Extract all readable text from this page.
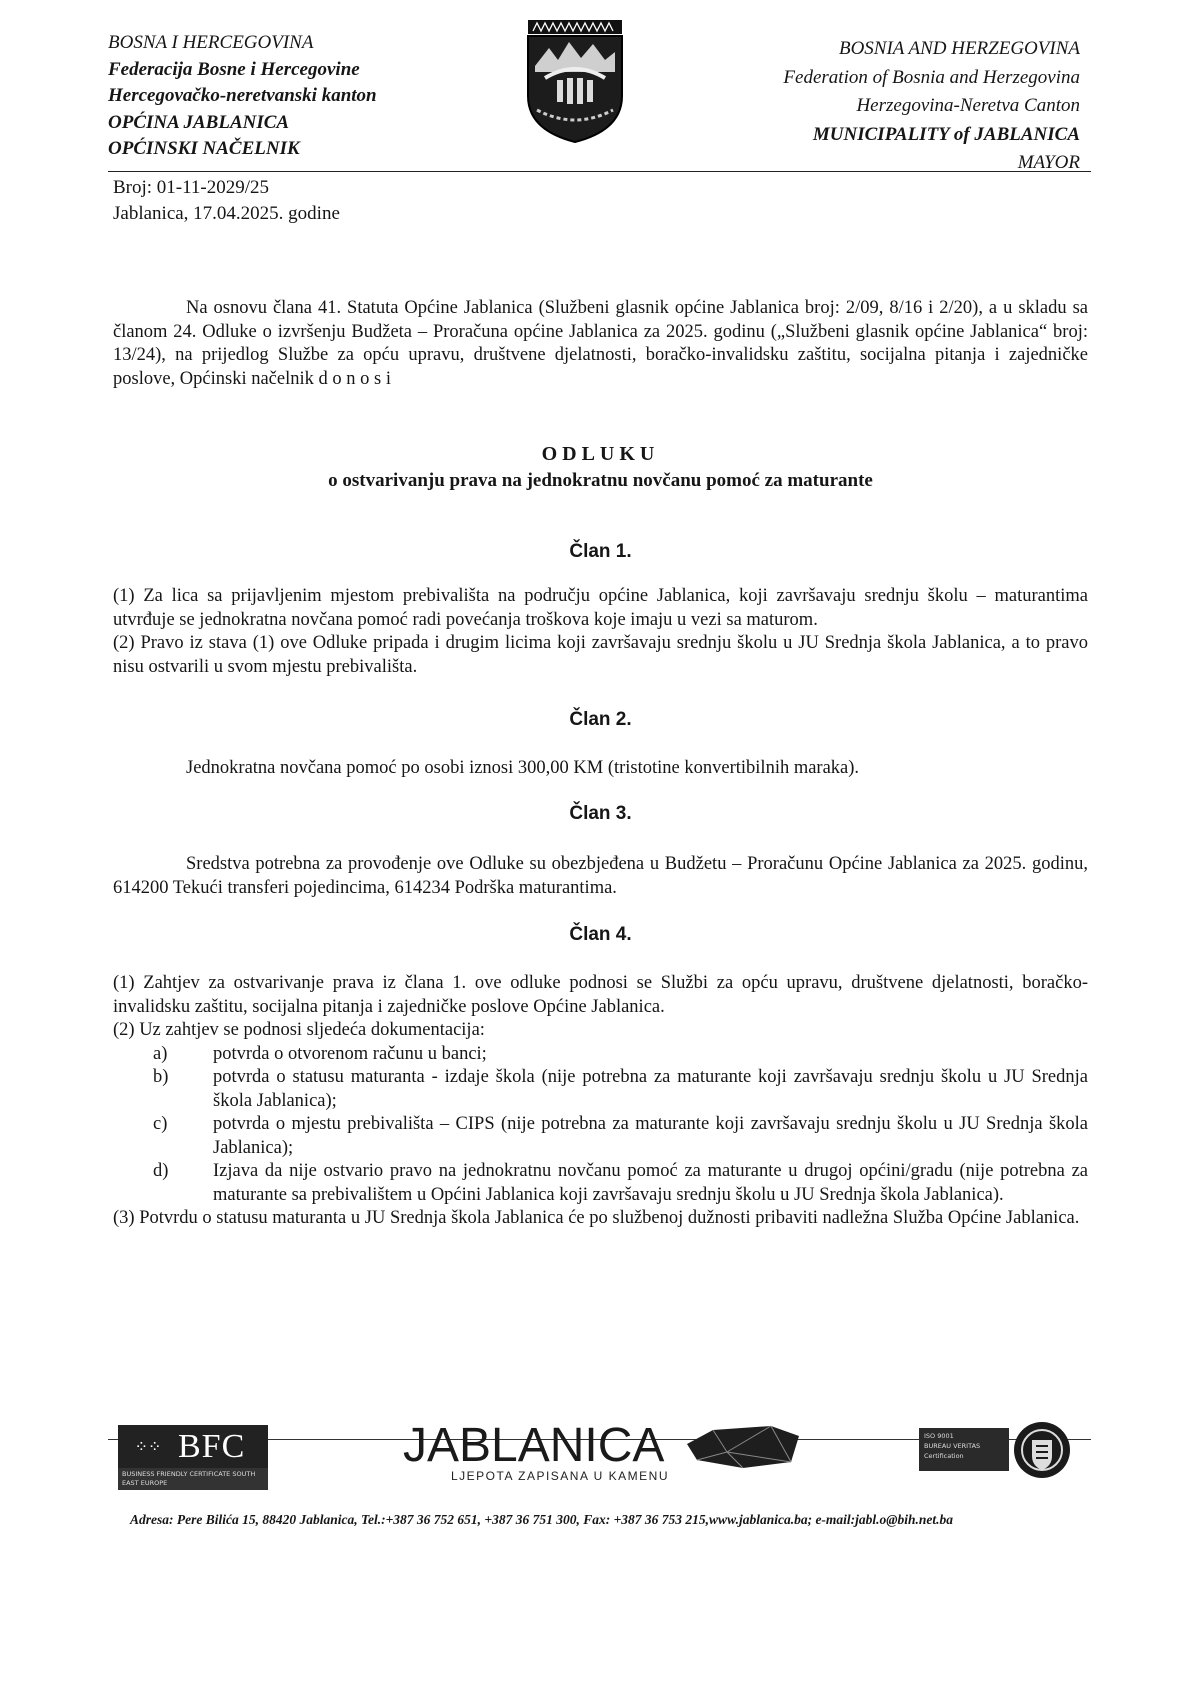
BOSNA I HERCEGOVINA
Federacija Bosne i Hercegovine
Hercegovačko-neretvanski kanton
OPĆINA JABLANICA
OPĆINSKI NAČELNIK
BOSNIA AND HERZEGOVINA
Federation of Bosnia and Herzegovina
Herzegovina-Neretva Canton
MUNICIPALITY of JABLANICA
MAYOR
Broj: 01-11-2029/25
Jablanica, 17.04.2025. godine

Na osnovu člana 41. Statuta Općine Jablanica (Službeni glasnik općine Jablanica broj: 2/09, 8/16 i 2/20), a u skladu sa članom 24. Odluke o izvršenju Budžeta – Proračuna općine Jablanica za 2025. godinu („Službeni glasnik općine Jablanica“ broj: 13/24), na prijedlog Službe za opću upravu, društvene djelatnosti, boračko-invalidsku zaštitu, socijalna pitanja i zajedničke poslove, Općinski načelnik d o n o s i

ODLUKU
o ostvarivanju prava na jednokratnu novčanu pomoć za maturante
Član 1.

(1) Za lica sa prijavljenim mjestom prebivališta na području općine Jablanica, koji završavaju srednju školu – maturantima utvrđuje se jednokratna novčana pomoć radi povećanja troškova koje imaju u vezi sa maturom.

(2) Pravo iz stava (1) ove Odluke pripada i drugim licima koji završavaju srednju školu u JU Srednja škola Jablanica, a to pravo nisu ostvarili u svom mjestu prebivališta.

Član 2.

Jednokratna novčana pomoć po osobi iznosi 300,00 KM (tristotine konvertibilnih maraka).

Član 3.

Sredstva potrebna za provođenje ove Odluke su obezbjeđena u Budžetu – Proračunu Općine Jablanica za 2025. godinu, 614200 Tekući transferi pojedincima, 614234 Podrška maturantima.

Član 4.

(1) Zahtjev za ostvarivanje prava iz člana 1. ove odluke podnosi se Službi za opću upravu, društvene djelatnosti, boračko-invalidsku zaštitu, socijalna pitanja i zajedničke poslove Općine Jablanica.

(2) Uz zahtjev se podnosi sljedeća dokumentacija:

a)	potvrda o otvorenom računu u banci;
b)	potvrda o statusu maturanta - izdaje škola (nije potrebna za maturante koji završavaju srednju školu u JU Srednja škola Jablanica);
c)	potvrda o mjestu prebivališta – CIPS (nije potrebna za maturante koji završavaju srednju školu u JU Srednja škola Jablanica);
d)	Izjava da nije ostvario pravo na jednokratnu novčanu pomoć za maturante u drugoj općini/gradu (nije potrebna za maturante sa prebivalištem u Općini Jablanica koji završavaju srednju školu u JU Srednja škola Jablanica).

(3) Potvrdu o statusu maturanta u JU Srednja škola Jablanica će po službenoj dužnosti pribaviti nadležna Služba Općine Jablanica.

⁘⁘ BFC
BUSINESS FRIENDLY CERTIFICATE SOUTH EAST EUROPE
JABLANICA
LJEPOTA ZAPISANA U KAMENU
ISO 9001
BUREAU VERITAS
Certification
Adresa: Pere Bilića 15, 88420 Jablanica, Tel.:+387 36 752 651, +387 36 751 300, Fax: +387 36 753 215,www.jablanica.ba; e-mail:jabl.o@bih.net.ba
